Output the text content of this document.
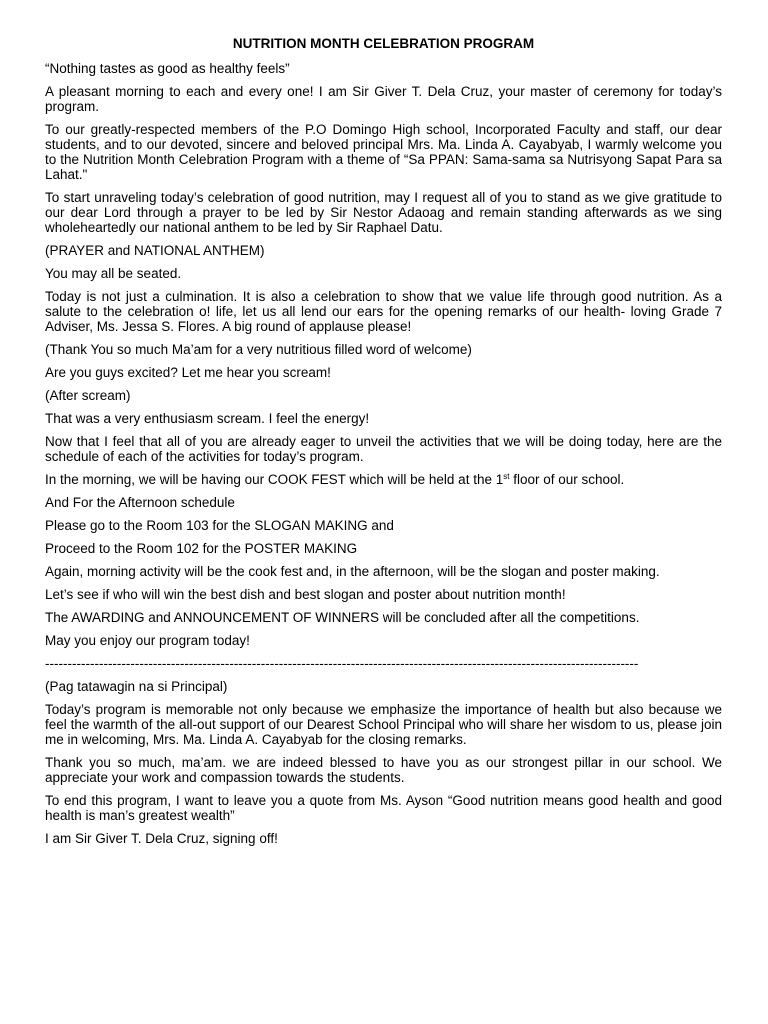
NUTRITION MONTH CELEBRATION PROGRAM

“Nothing tastes as good as healthy feels”

A pleasant morning to each and every one! I am Sir Giver T. Dela Cruz, your master of ceremony for today’s program.

To our greatly-respected members of the P.O Domingo High school, Incorporated Faculty and staff, our dear students, and to our devoted, sincere and beloved principal Mrs. Ma. Linda A. Cayabyab, I warmly welcome you to the Nutrition Month Celebration Program with a theme of “Sa PPAN: Sama-sama sa Nutrisyong Sapat Para sa Lahat."

To start unraveling today’s celebration of good nutrition, may I request all of you to stand as we give gratitude to our dear Lord through a prayer to be led by Sir Nestor Adaoag and remain standing afterwards as we sing wholeheartedly our national anthem to be led by Sir Raphael Datu.

(PRAYER and NATIONAL ANTHEM)

You may all be seated.

Today is not just a culmination. It is also a celebration to show that we value life through good nutrition. As a salute to the celebration o! life, let us all lend our ears for the opening remarks of our health- loving Grade 7 Adviser, Ms. Jessa S. Flores. A big round of applause please!

(Thank You so much Ma’am for a very nutritious filled word of welcome)

Are you guys excited? Let me hear you scream!

(After scream)

That was a very enthusiasm scream. I feel the energy!

Now that I feel that all of you are already eager to unveil the activities that we will be doing today, here are the schedule of each of the activities for today’s program.

In the morning, we will be having our COOK FEST which will be held at the 1st floor of our school.

And For the Afternoon schedule

Please go to the Room 103 for the SLOGAN MAKING and

Proceed to the Room 102 for the POSTER MAKING

Again, morning activity will be the cook fest and, in the afternoon, will be the slogan and poster making.

Let’s see if who will win the best dish and best slogan and poster about nutrition month!

The AWARDING and ANNOUNCEMENT OF WINNERS will be concluded after all the competitions.

May you enjoy our program today!

------------------------------------------------------------------------------------------------------------------------------------

(Pag tatawagin na si Principal)

Today’s program is memorable not only because we emphasize the importance of health but also because we feel the warmth of the all-out support of our Dearest School Principal who will share her wisdom to us, please join me in welcoming, Mrs. Ma. Linda A. Cayabyab for the closing remarks.

Thank you so much, ma’am. we are indeed blessed to have you as our strongest pillar in our school. We appreciate your work and compassion towards the students.

To end this program, I want to leave you a quote from Ms. Ayson “Good nutrition means good health and good health is man’s greatest wealth”

I am Sir Giver T. Dela Cruz, signing off!
